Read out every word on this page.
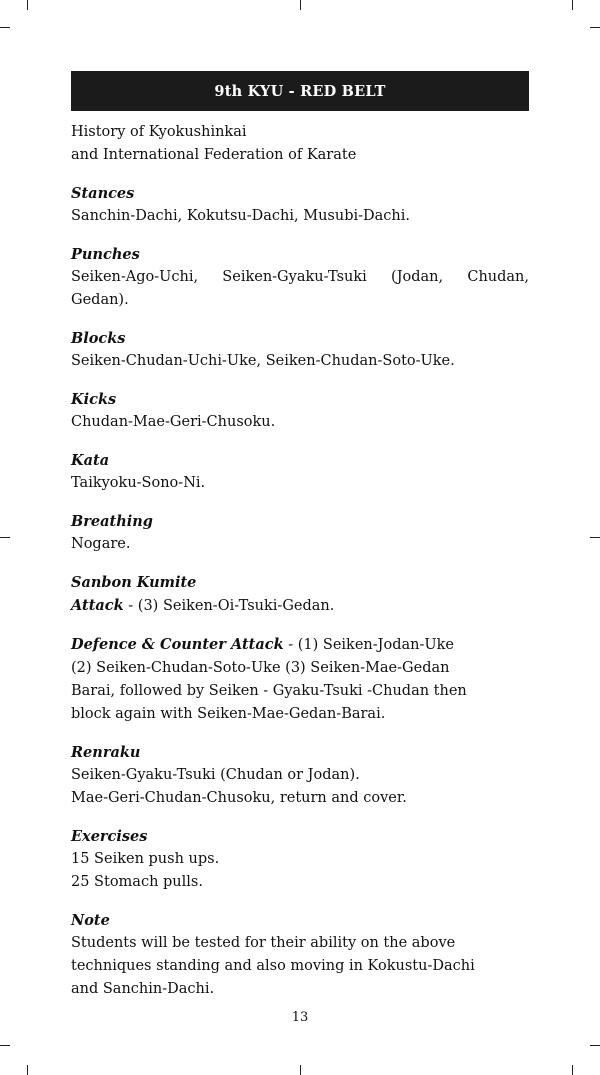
9th KYU - RED BELT

History of Kyokushinkai

and International Federation of Karate

Stances

Sanchin-Dachi, Kokutsu-Dachi, Musubi-Dachi.

Punches

Seiken-Ago-Uchi, Seiken-Gyaku-Tsuki (Jodan, Chudan, Gedan).

Blocks

Seiken-Chudan-Uchi-Uke, Seiken-Chudan-Soto-Uke.

Kicks

Chudan-Mae-Geri-Chusoku.

Kata

Taikyoku-Sono-Ni.

Breathing

Nogare.

Sanbon Kumite

Attack - (3) Seiken-Oi-Tsuki-Gedan.

Defence & Counter Attack - (1) Seiken-Jodan-Uke

(2) Seiken-Chudan-Soto-Uke (3) Seiken-Mae-Gedan

Barai, followed by Seiken - Gyaku-Tsuki -Chudan then

block again with Seiken-Mae-Gedan-Barai.

Renraku

Seiken-Gyaku-Tsuki (Chudan or Jodan).

Mae-Geri-Chudan-Chusoku, return and cover.

Exercises

15 Seiken push ups.

25 Stomach pulls.

Note

Students will be tested for their ability on the above

techniques standing and also moving in Kokustu-Dachi

and Sanchin-Dachi.

13
